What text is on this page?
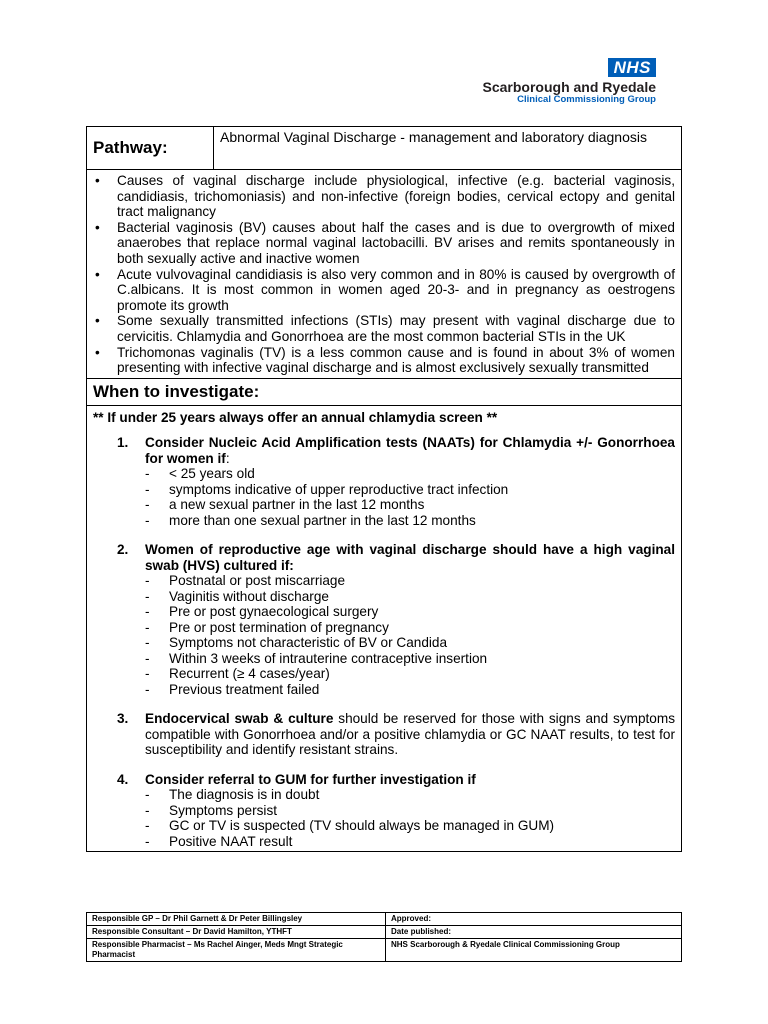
NHS
Scarborough and Ryedale
Clinical Commissioning Group
Pathway:
Abnormal Vaginal Discharge - management and laboratory diagnosis
• Causes of vaginal discharge include physiological, infective (e.g. bacterial vaginosis, candidiasis, trichomoniasis) and non-infective (foreign bodies, cervical ectopy and genital tract malignancy
• Bacterial vaginosis (BV) causes about half the cases and is due to overgrowth of mixed anaerobes that replace normal vaginal lactobacilli. BV arises and remits spontaneously in both sexually active and inactive women
• Acute vulvovaginal candidiasis is also very common and in 80% is caused by overgrowth of C.albicans. It is most common in women aged 20-3- and in pregnancy as oestrogens promote its growth
• Some sexually transmitted infections (STIs) may present with vaginal discharge due to cervicitis. Chlamydia and Gonorrhoea are the most common bacterial STIs in the UK
• Trichomonas vaginalis (TV) is a less common cause and is found in about 3% of women presenting with infective vaginal discharge and is almost exclusively sexually transmitted
When to investigate:
** If under 25 years always offer an annual chlamydia screen **
1.	Consider Nucleic Acid Amplification tests (NAATs) for Chlamydia +/- Gonorrhoea for women if:
-	< 25 years old
-	symptoms indicative of upper reproductive tract infection
-	a new sexual partner in the last 12 months
-	more than one sexual partner in the last 12 months
2.	Women of reproductive age with vaginal discharge should have a high vaginal swab (HVS) cultured if:
-	Postnatal or post miscarriage
-	Vaginitis without discharge
-	Pre or post gynaecological surgery
-	Pre or post termination of pregnancy
-	Symptoms not characteristic of BV or Candida
-	Within 3 weeks of intrauterine contraceptive insertion
-	Recurrent (≥ 4 cases/year)
-	Previous treatment failed
3.	Endocervical swab & culture should be reserved for those with signs and symptoms compatible with Gonorrhoea and/or a positive chlamydia or GC NAAT results, to test for susceptibility and identify resistant strains.
4.	Consider referral to GUM for further investigation if
-	The diagnosis is in doubt
-	Symptoms persist
-	GC or TV is suspected (TV should always be managed in GUM)
-	Positive NAAT result
Responsible GP – Dr Phil Garnett & Dr Peter Billingsley	Approved:
Responsible Consultant – Dr David Hamilton, YTHFT	Date published:
Responsible Pharmacist – Ms Rachel Ainger, Meds Mngt Strategic Pharmacist	NHS Scarborough & Ryedale Clinical Commissioning Group
